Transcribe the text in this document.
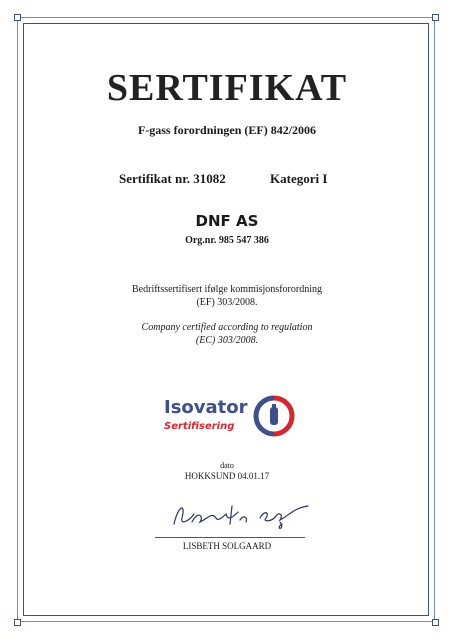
SERTIFIKAT
F-gass forordningen (EF) 842/2006
Sertifikat nr. 31082	Kategori I
DNF AS
Org.nr. 985 547 386
Bedriftssertifisert ifølge kommisjonsforordning
(EF) 303/2008.
Company certified according to regulation
(EC) 303/2008.
Isovator
Sertifisering
dato
HOKKSUND 04.01.17
LISBETH SOLGAARD
